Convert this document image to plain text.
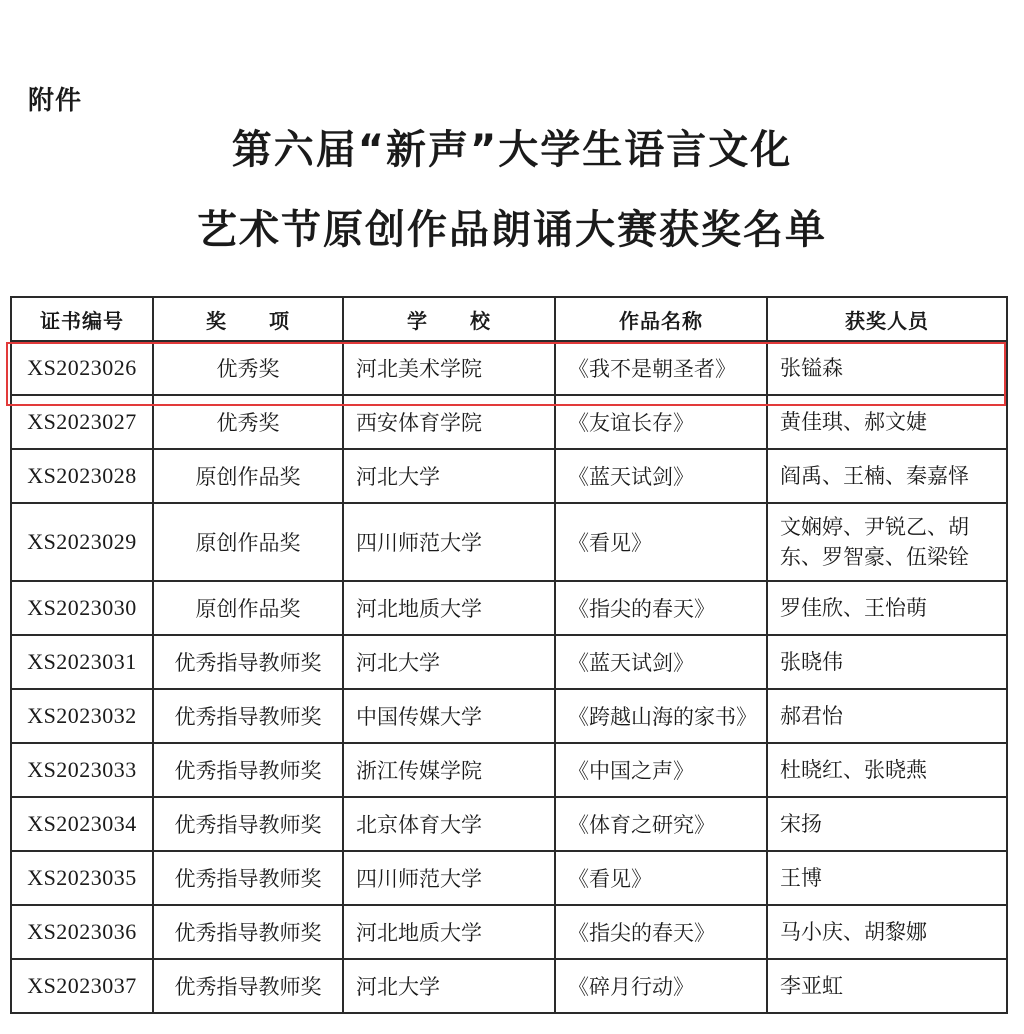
附件
第六届“新声”大学生语言文化
艺术节原创作品朗诵大赛获奖名单
证书编号	奖　　项	学　　校	作品名称	获奖人员
XS2023026	优秀奖	河北美术学院	《我不是朝圣者》	张镒森
XS2023027	优秀奖	西安体育学院	《友谊长存》	黄佳琪、郝文婕
XS2023028	原创作品奖	河北大学	《蓝天试剑》	阎禹、王楠、秦嘉怿
XS2023029	原创作品奖	四川师范大学	《看见》	文娴婷、尹锐乙、胡东、罗智豪、伍梁铨
XS2023030	原创作品奖	河北地质大学	《指尖的春天》	罗佳欣、王怡萌
XS2023031	优秀指导教师奖	河北大学	《蓝天试剑》	张晓伟
XS2023032	优秀指导教师奖	中国传媒大学	《跨越山海的家书》	郝君怡
XS2023033	优秀指导教师奖	浙江传媒学院	《中国之声》	杜晓红、张晓燕
XS2023034	优秀指导教师奖	北京体育大学	《体育之研究》	宋扬
XS2023035	优秀指导教师奖	四川师范大学	《看见》	王博
XS2023036	优秀指导教师奖	河北地质大学	《指尖的春天》	马小庆、胡黎娜
XS2023037	优秀指导教师奖	河北大学	《碎月行动》	李亚虹
